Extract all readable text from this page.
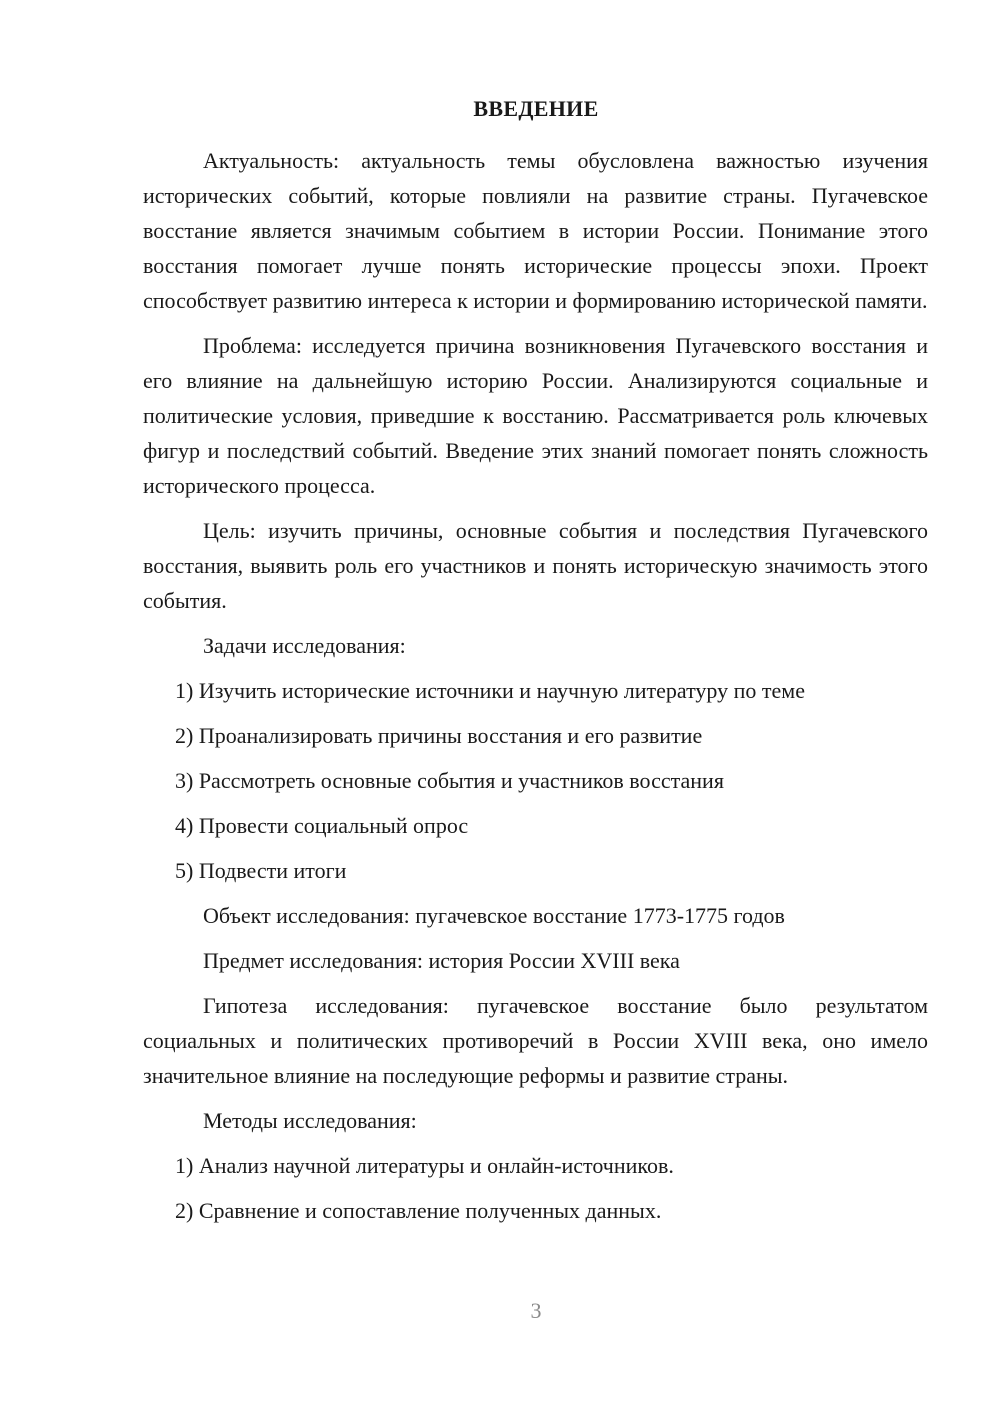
ВВЕДЕНИЕ

Актуальность: актуальность темы обусловлена важностью изучения исторических событий, которые повлияли на развитие страны. Пугачевское восстание является значимым событием в истории России. Понимание этого восстания помогает лучше понять исторические процессы эпохи. Проект способствует развитию интереса к истории и формированию исторической памяти.

Проблема: исследуется причина возникновения Пугачевского восстания и его влияние на дальнейшую историю России. Анализируются социальные и политические условия, приведшие к восстанию. Рассматривается роль ключевых фигур и последствий событий. Введение этих знаний помогает понять сложность исторического процесса.

Цель: изучить причины, основные события и последствия Пугачевского восстания, выявить роль его участников и понять историческую значимость этого события.

Задачи исследования:

1) Изучить исторические источники и научную литературу по теме

2) Проанализировать причины восстания и его развитие

3) Рассмотреть основные события и участников восстания

4) Провести социальный опрос

5) Подвести итоги

Объект исследования: пугачевское восстание 1773-1775 годов

Предмет исследования: история России XVIII века

Гипотеза исследования: пугачевское восстание было результатом социальных и политических противоречий в России XVIII века, оно имело значительное влияние на последующие реформы и развитие страны.

Методы исследования:

1) Анализ научной литературы и онлайн-источников.

2) Сравнение и сопоставление полученных данных.

3
